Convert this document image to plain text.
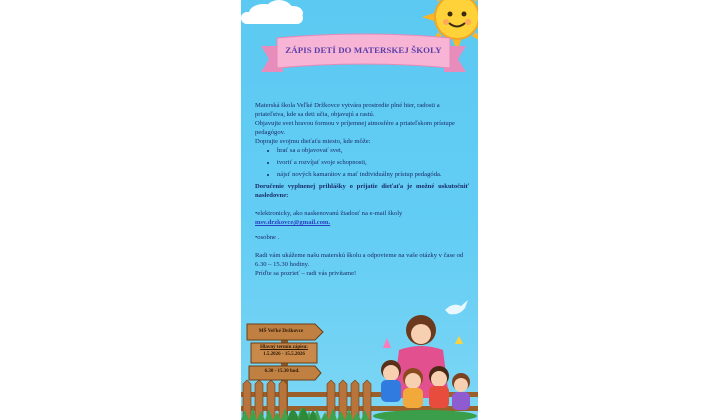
ZÁPIS DETÍ DO MATERSKEJ ŠKOLY

Materská škola Veľké Držkovce vytvára prostredie plné hier, radosti a priateľstva, kde sa deti učia, objavujú a rastú.

Objavujte svet hravou formou v príjemnej atmosfére a priateľskom prístupe pedagógov.

Doprajte svojmu dieťaťu miesto, kde môže:

• hrať sa a objavovať svet,
• tvoriť a rozvíjať svoje schopnosti,
• nájsť nových kamarátov a mať individuálny prístup pedagóda.

Doručenie vyplnenej prihlášky o prijatie dieťaťa je možné uskutočniť nasledovne:

•elektronicky, ako naskenovanú žiadosť na e-mail školy

msv.drzkovce@gmail.com.

•osobne .

Radi vám ukážeme našu materskú školu a odpovieme na vaše otázky v čase od 6.30 – 15.30 hodiny.

Príďte sa pozrieť – radi vás privítame!

MŠ Veľké Držkovce
Hlavný termín zápisu:
1.5.2026 - 15.5.2026
6.30 - 15.30 hod.
